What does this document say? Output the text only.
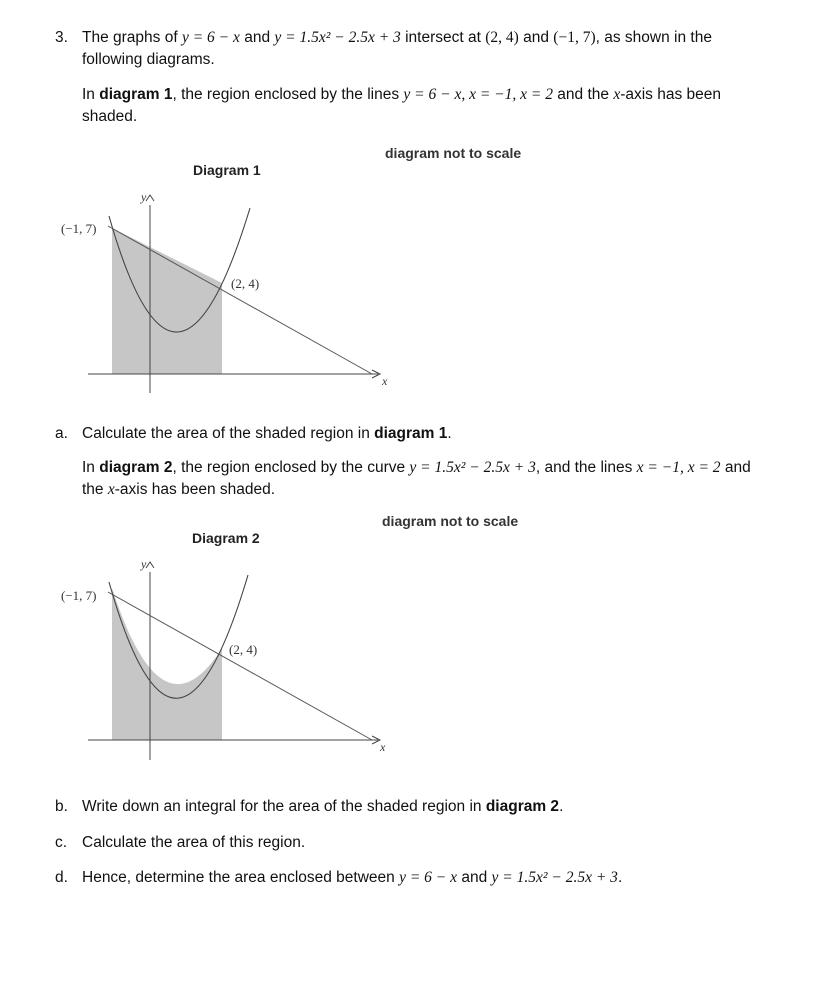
3. The graphs of y = 6 − x and y = 1.5x² − 2.5x + 3 intersect at (2, 4) and (−1, 7), as shown in the
following diagrams.
In diagram 1, the region enclosed by the lines y = 6 − x, x = −1, x = 2 and the x-axis has been
shaded.
diagram not to scale
Diagram 1
(−1, 7)
(2, 4)
y
x
a. Calculate the area of the shaded region in diagram 1.
In diagram 2, the region enclosed by the curve y = 1.5x² − 2.5x + 3, and the lines x = −1, x = 2 and
the x-axis has been shaded.
diagram not to scale
Diagram 2
(−1, 7)
(2, 4)
y
x
b. Write down an integral for the area of the shaded region in diagram 2.
c. Calculate the area of this region.
d. Hence, determine the area enclosed between y = 6 − x and y = 1.5x² − 2.5x + 3.
